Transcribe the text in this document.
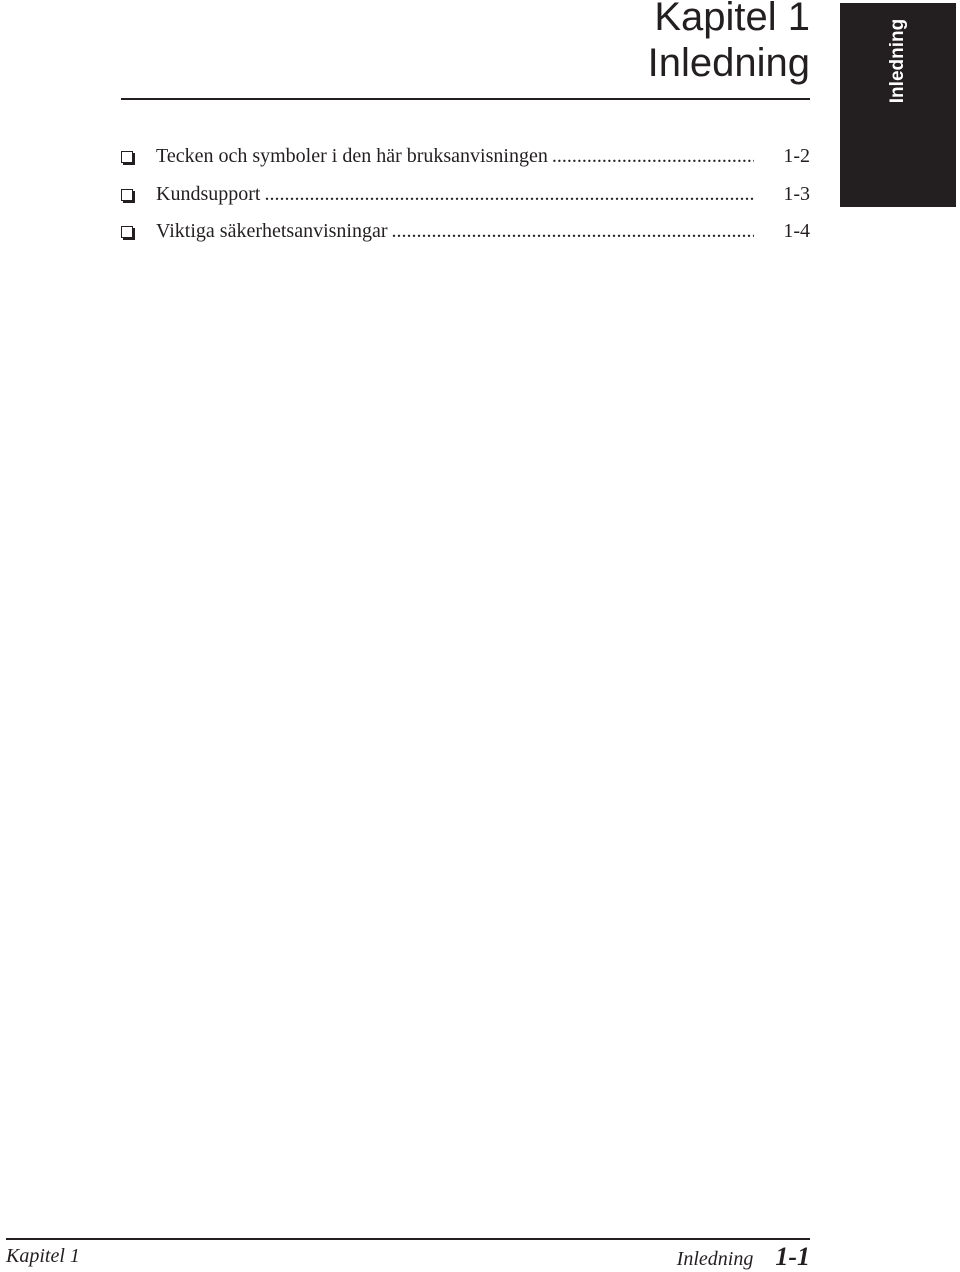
Kapitel 1
Inledning	Inledning
Tecken och symboler i den här bruksanvisningen .....	1-2
Kundsupport .....	1-3
Viktiga säkerhetsanvisningar .....	1-4
Kapitel 1	Inledning 1-1
